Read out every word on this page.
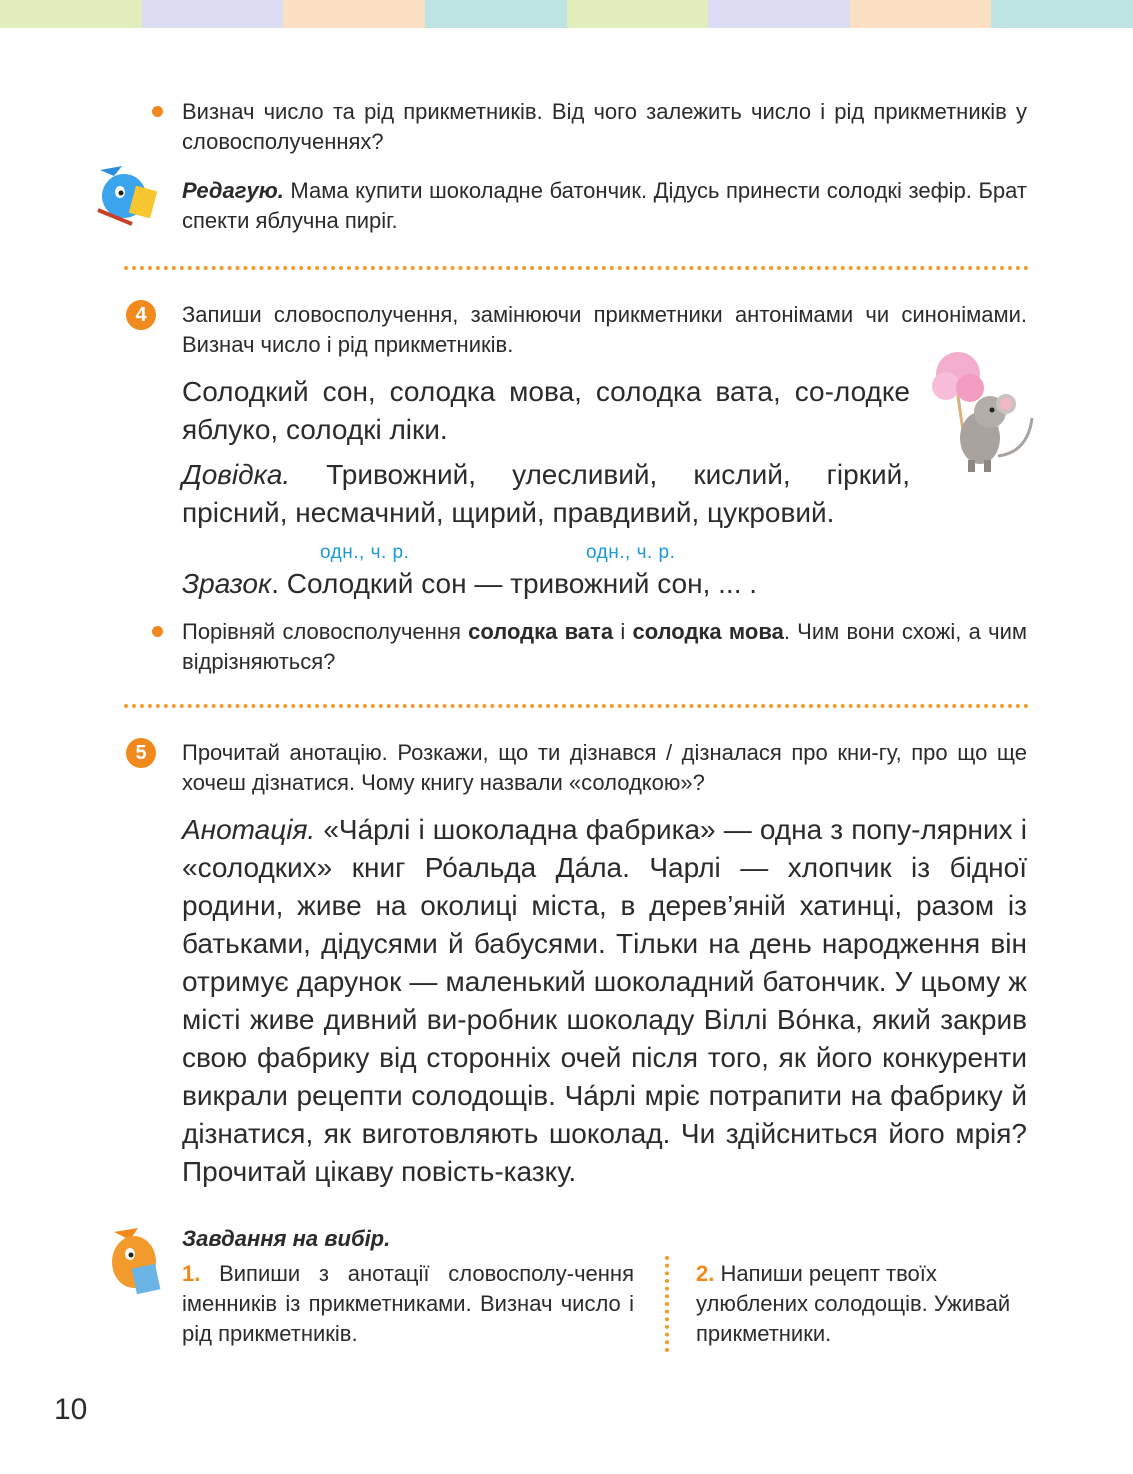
Визнач число та рід прикметників. Від чого залежить число і рід прикметників у словосполученнях?
Редагую. Мама купити шоколадне батончик. Дідусь принести солодкі зефір. Брат спекти яблучна пиріг.
4	Запиши словосполучення, замінюючи прикметники антонімами чи синонімами. Визнач число і рід прикметників.
Солодкий сон, солодка мова, солодка вата, со-лодке яблуко, солодкі ліки.
Довідка. Тривожний, улесливий, кислий, гіркий, прісний, несмачний, щирий, правдивий, цукровий.
одн., ч. р.	одн., ч. р.
Зразок. Солодкий сон — тривожний сон, ... .
Порівняй словосполучення солодка вата і солодка мова. Чим вони схожі, а чим відрізняються?
5	Прочитай анотацію. Розкажи, що ти дізнався / дізналася про кни-гу, про що ще хочеш дізнатися. Чому книгу назвали «солодкою»?
Анотація. «Ча́рлі і шоколадна фабрика» — одна з попу-лярних і «солодких» книг Ро́альда Да́ла. Чарлі — хлопчик із бідної родини, живе на околиці міста, в дерев’яній хатинці, разом із батьками, дідусями й бабусями. Тільки на день народження він отримує дарунок — маленький шоколадний батончик. У цьому ж місті живе дивний ви-робник шоколаду Віллі Во́нка, який закрив свою фабрику від сторонніх очей після того, як його конкуренти викрали рецепти солодощів. Ча́рлі мріє потрапити на фабрику й дізнатися, як виготовляють шоколад. Чи здійсниться його мрія? Прочитай цікаву повість-казку.
Завдання на вибір.
1. Випиши з анотації словосполу-чення іменників із прикметниками. Визнач число і рід прикметників.
2. Напиши рецепт твоїх улюблених солодощів. Уживай прикметники.
10
